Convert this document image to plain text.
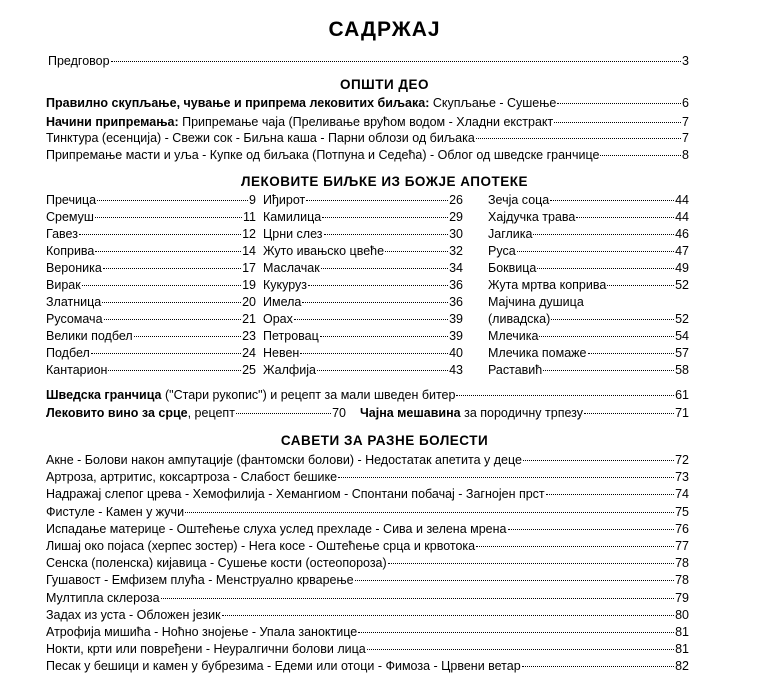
САДРЖАЈ
Предговор	3
ОПШТИ ДЕО
Правилно скупљање, чување и припрема лековитих биљака: Скупљање - Сушење	6
Начини припремања: Припремање чаја (Преливање врућом водом - Хладни екстракт	7
Тинктура (есенција) - Свежи сок - Биљна каша - Парни облози од биљака	7
Припремање масти и уља - Купке од биљака (Потпуна и Седећа) - Облог од шведске гранчице	8
ЛЕКОВИТЕ БИЉКЕ ИЗ БОЖЈЕ АПОТЕКЕ
Пречица	9
Сремуш	11
Гавез	12
Коприва	14
Вероника	17
Вирак	19
Златница	20
Русомача	21
Велики подбел	23
Подбел	24
Кантарион	25
Иђирот	26
Камилица	29
Црни слез	30
Жуто ивањско цвеће	32
Маслачак	34
Кукуруз	36
Имела	36
Орах	39
Петровац	39
Невен	40
Жалфија	43
Зечја соца	44
Хајдучка трава	44
Јаглика	46
Руса	47
Боквица	49
Жута мртва коприва	52
Мајчина душица
(ливадска)	52
Млечика	54
Млечика помаже	57
Раставић	58
Шведска гранчица ("Стари рукопис") и рецепт за мали шведен битер	61
Лековито вино за срце, рецепт	70 Чајна мешавина за породичну трпезу	71
САВЕТИ ЗА РАЗНЕ БОЛЕСТИ
Акне - Болови након ампутације (фантомски болови) - Недостатак апетита у деце	72
Артроза, артритис, коксартроза - Слабост бешике	73
Надражај слепог црева - Хемофилија - Хемангиом - Спонтани побачај - Загнојен прст	74
Фистуле - Камен у жучи	75
Испадање материце - Оштећење слуха услед прехладе - Сива и зелена мрена	76
Лишај око појаса (херпес зостер) - Нега косе - Оштећење срца и крвотока	77
Сенска (поленска) кијавица - Сушење кости (остеопороза)	78
Гушавост - Емфизем плућа - Менструално крварење	78
Мултипла склероза	79
Задах из уста - Обложен језик	80
Атрофија мишића - Ноћно знојење - Упала заноктице	81
Нокти, крти или повређени - Неуралгични болови лица	81
Песак у бешици и камен у бубрезима - Едеми или отоци - Фимоза - Црвени ветар	82
